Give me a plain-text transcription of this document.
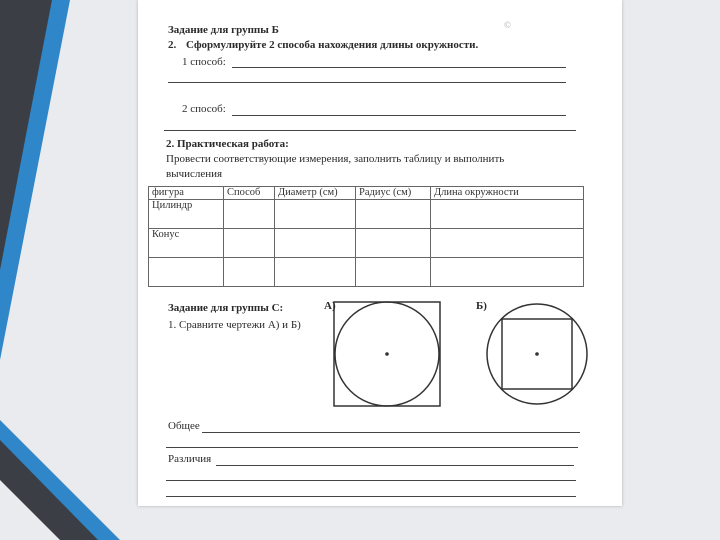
©
Задание для группы Б
2. Сформулируйте 2 способа нахождения длины окружности.
1 способ:
2 способ:
2. Практическая работа:
Провести соответствующие измерения, заполнить таблицу и выполнить
вычисления
фигура	Способ	Диаметр (см)	Радиус (см)	Длина окружности
Цилиндр				
Конус				

Задание для группы С:
1. Сравните чертежи А) и Б)
А)	Б)
Общее
Различия
